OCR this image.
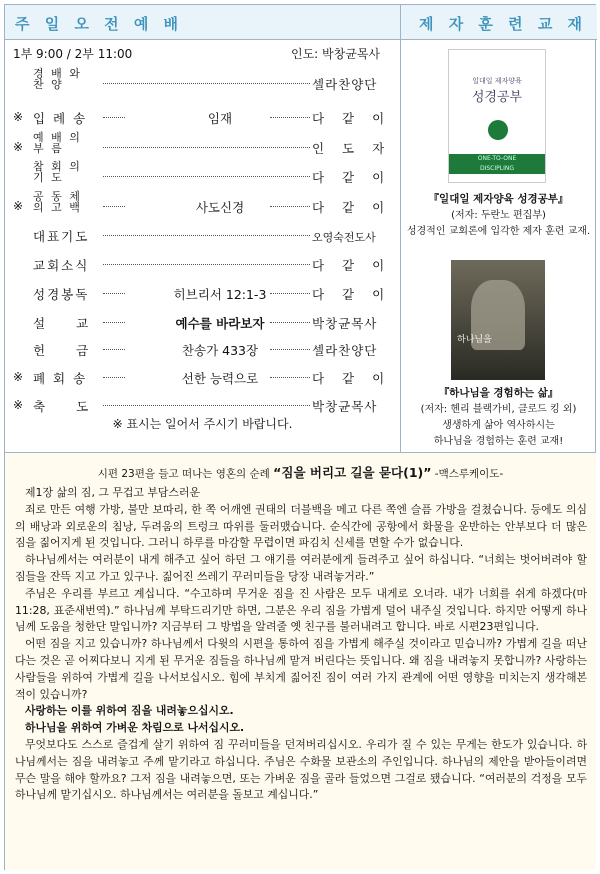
주 일 오 전 예 배	제 자 훈 련 교 재
1부 9:00 / 2부 11:00	인도: 박창균목사
경 배 와 찬 양	셀라찬양단
※ 입 례 송	임재	다 같 이
※
예 배 의 부 름	인 도 자
참 회 의 기 도	다 같 이
※
공 동 체 의 고 백	사도신경	다 같 이
대표기도	오영숙전도사
교회소식	다 같 이
성경봉독	히브리서 12:1-3	다 같 이
설　　교	예수를 바라보자	박창균목사
헌　　금	찬송가 433장	셀라찬양단
※ 폐 회 송	선한 능력으로	다 같 이
※ 축　　도	박창균목사
※ 표시는 일어서 주시기 바랍니다.
일대일 제자양육
성경공부
ONE-TO-ONE
DISCIPLING
『일대일 제자양육 성경공부』
(저자: 두란노 편집부)
성경적인 교회론에 입각한 제자 훈련 교재.
하나님을
『하나님을 경험하는 삶』
(저자: 헨리 블랙가비, 클로드 킹 외)
생생하게 삶아 역사하시는
하나님을 경험하는 훈련 교재!
시편 23편을 들고 떠나는 영혼의 순례 “짐을 버리고 길을 묻다(1)” -맥스루케이도-

제1장 삶의 짐, 그 무겁고 부담스러운

죄로 만든 여행 가방, 불만 보따리, 한 쪽 어깨엔 권태의 더블백을 메고 다른 쪽엔 슬픔 가방을 걸쳤습니다. 등에도 의심의 배낭과 외로운의 침낭, 두려움의 트렁크 따위를 둘러맸습니다. 순식간에 공항에서 화물을 운반하는 안부보다 더 많은 짐을 짊어지게 된 것입니다. 그러니 하루를 마감할 무렵이면 파김치 신세를 면할 수가 없습니다.

하나님께서는 여러분이 내게 해주고 싶어 하던 그 얘기를 여러분에게 들려주고 싶어 하십니다. “너희는 벗어버려야 할 짐들을 잔뜩 지고 가고 있구나. 짊어진 쓰레기 꾸러미들을 당장 내려놓거라.”

주님은 우리를 부르고 계십니다. “수고하며 무거운 짐을 진 사람은 모두 내게로 오너라. 내가 너희를 쉬게 하겠다(마11:28, 표준새번역).” 하나님께 부탁드리기만 하면, 그분은 우리 짐을 가볍게 덜어 내주실 것입니다. 하지만 어떻게 하나님께 도움을 청한단 말입니까? 지금부터 그 방법을 알려줄 옛 친구를 불러내려고 합니다. 바로 시편23편입니다.

어떤 짐을 지고 있습니까? 하나님께서 다윗의 시편을 통하여 짐을 가볍게 해주실 것이라고 믿습니까? 가볍게 길을 떠난다는 것은 곧 어찌다보니 지게 된 무거운 짐들을 하나님께 맡겨 버린다는 뜻입니다. 왜 짐을 내려놓지 못합니까? 사랑하는 사람들을 위하여 가볍게 길을 나서보십시오. 힘에 부치게 짊어진 짐이 여러 가지 관계에 어떤 영향을 미치는지 생각해본 적이 있습니까?

사랑하는 이를 위하여 짐을 내려놓으십시오.

하나님을 위하여 가벼운 차림으로 나서십시오.

무엇보다도 스스로 즐겁게 살기 위하여 짐 꾸러미들을 던져버리십시오. 우리가 질 수 있는 무게는 한도가 있습니다. 하나님께서는 짐을 내려놓고 주께 맡기라고 하십니다. 주님은 수화물 보관소의 주인입니다. 하나님의 제안을 받아들이려면 무슨 말을 해야 할까요? 그저 짐을 내려놓으면, 또는 가벼운 짐을 골라 들었으면 그걸로 됐습니다. “여러분의 걱정을 모두 하나님께 맡기십시오. 하나님께서는 여러분을 돌보고 계십니다.”
